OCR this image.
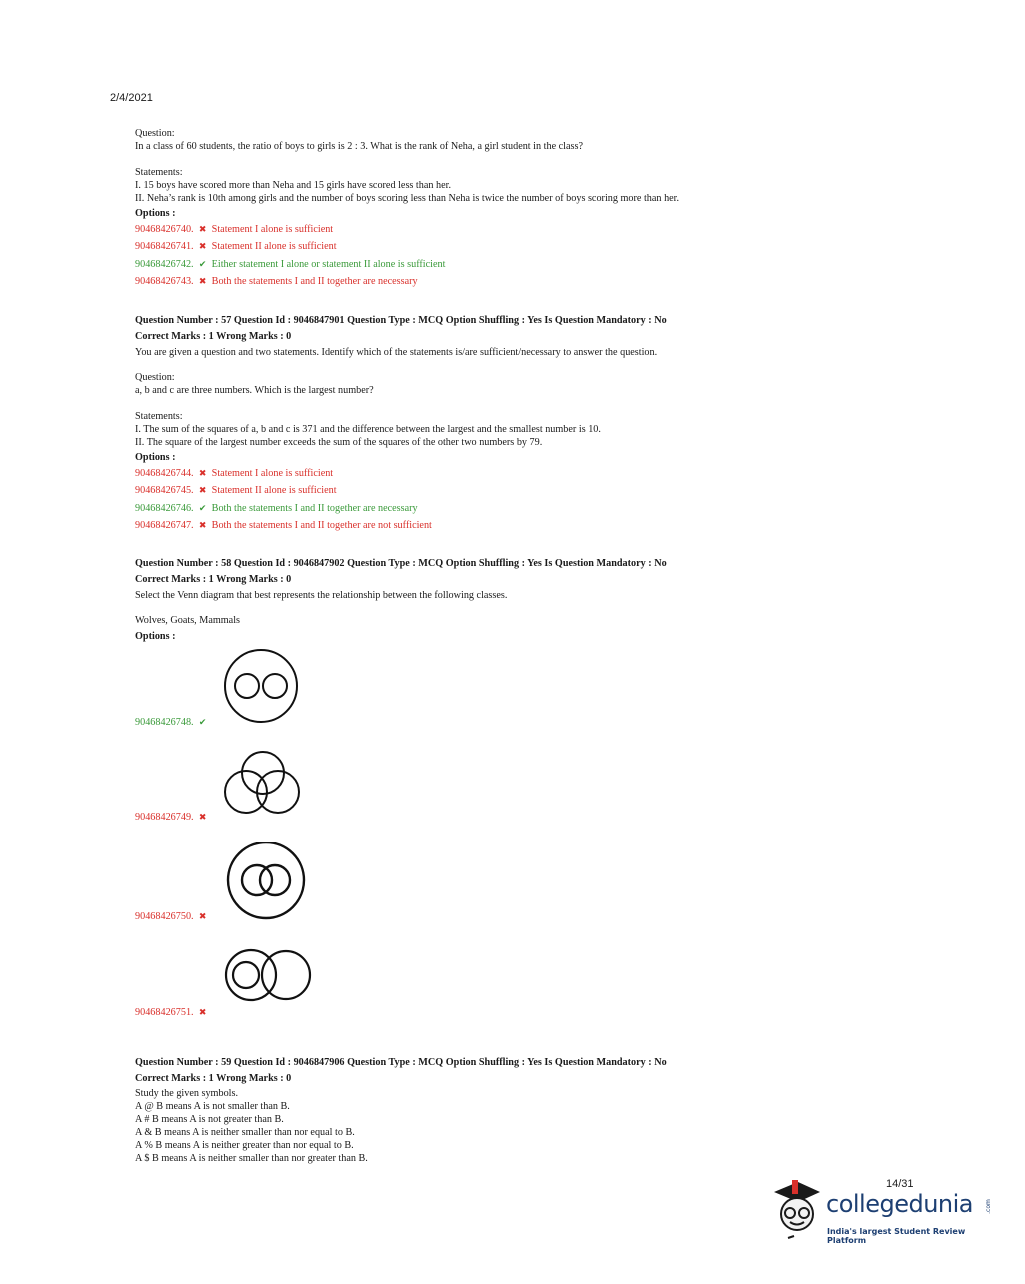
2/4/2021
Question:
In a class of 60 students, the ratio of boys to girls is 2 : 3. What is the rank of Neha, a girl student in the class?
Statements:
I. 15 boys have scored more than Neha and 15 girls have scored less than her.
II. Neha’s rank is 10th among girls and the number of boys scoring less than Neha is twice the number of boys scoring more than her.
Options :
90468426740. ✖ Statement I alone is sufficient
90468426741. ✖ Statement II alone is sufficient
90468426742. ✔ Either statement I alone or statement II alone is sufficient
90468426743. ✖ Both the statements I and II together are necessary
Question Number : 57 Question Id : 9046847901 Question Type : MCQ Option Shuffling : Yes Is Question Mandatory : No
Correct Marks : 1 Wrong Marks : 0
You are given a question and two statements. Identify which of the statements is/are sufficient/necessary to answer the question.
Question:
a, b and c are three numbers. Which is the largest number?
Statements:
I. The sum of the squares of a, b and c is 371 and the difference between the largest and the smallest number is 10.
II. The square of the largest number exceeds the sum of the squares of the other two numbers by 79.
Options :
90468426744. ✖ Statement I alone is sufficient
90468426745. ✖ Statement II alone is sufficient
90468426746. ✔ Both the statements I and II together are necessary
90468426747. ✖ Both the statements I and II together are not sufficient
Question Number : 58 Question Id : 9046847902 Question Type : MCQ Option Shuffling : Yes Is Question Mandatory : No
Correct Marks : 1 Wrong Marks : 0
Select the Venn diagram that best represents the relationship between the following classes.
Wolves, Goats, Mammals
Options :
90468426748. ✔
90468426749. ✖
90468426750. ✖
90468426751. ✖
Question Number : 59 Question Id : 9046847906 Question Type : MCQ Option Shuffling : Yes Is Question Mandatory : No
Correct Marks : 1 Wrong Marks : 0
Study the given symbols.
A @ B means A is not smaller than B.
A # B means A is not greater than B.
A & B means A is neither smaller than nor equal to B.
A % B means A is neither greater than nor equal to B.
A $ B means A is neither smaller than nor greater than B.
14/31
collegedunia .com
India's largest Student Review Platform
